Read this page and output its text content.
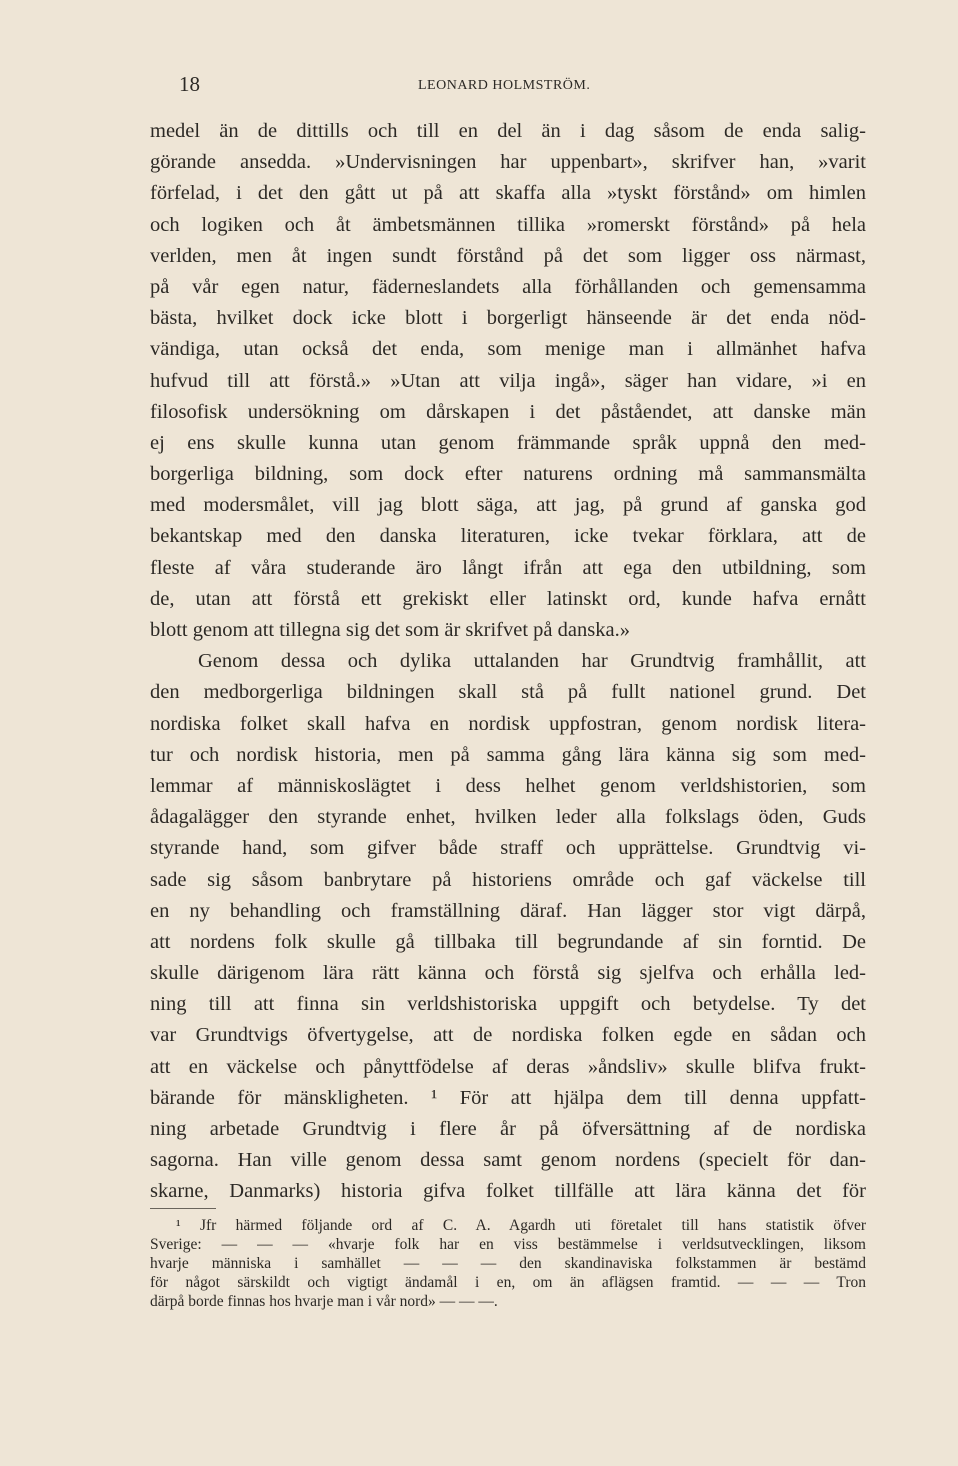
18	LEONARD HOLMSTRÖM.
medel än de dittills och till en del än i dag såsom de enda salig-
görande ansedda. »Undervisningen har uppenbart», skrifver han, »varit
förfelad, i det den gått ut på att skaffa alla »tyskt förstånd» om himlen
och logiken och åt ämbetsmännen tillika »romerskt förstånd» på hela
verlden, men åt ingen sundt förstånd på det som ligger oss närmast,
på vår egen natur, fäderneslandets alla förhållanden och gemensamma
bästa, hvilket dock icke blott i borgerligt hänseende är det enda nöd-
vändiga, utan också det enda, som menige man i allmänhet hafva
hufvud till att förstå.» »Utan att vilja ingå», säger han vidare, »i en
filosofisk undersökning om dårskapen i det påståendet, att danske män
ej ens skulle kunna utan genom främmande språk uppnå den med-
borgerliga bildning, som dock efter naturens ordning må sammansmälta
med modersmålet, vill jag blott säga, att jag, på grund af ganska god
bekantskap med den danska literaturen, icke tvekar förklara, att de
fleste af våra studerande äro långt ifrån att ega den utbildning, som
de, utan att förstå ett grekiskt eller latinskt ord, kunde hafva ernått
blott genom att tillegna sig det som är skrifvet på danska.»
Genom dessa och dylika uttalanden har Grundtvig framhållit, att
den medborgerliga bildningen skall stå på fullt nationel grund. Det
nordiska folket skall hafva en nordisk uppfostran, genom nordisk litera-
tur och nordisk historia, men på samma gång lära känna sig som med-
lemmar af människoslägtet i dess helhet genom verldshistorien, som
ådagalägger den styrande enhet, hvilken leder alla folkslags öden, Guds
styrande hand, som gifver både straff och upprättelse. Grundtvig vi-
sade sig såsom banbrytare på historiens område och gaf väckelse till
en ny behandling och framställning däraf. Han lägger stor vigt därpå,
att nordens folk skulle gå tillbaka till begrundande af sin forntid. De
skulle därigenom lära rätt känna och förstå sig sjelfva och erhålla led-
ning till att finna sin verldshistoriska uppgift och betydelse. Ty det
var Grundtvigs öfvertygelse, att de nordiska folken egde en sådan och
att en väckelse och pånyttfödelse af deras »åndsliv» skulle blifva frukt-
bärande för mänskligheten. ¹ För att hjälpa dem till denna uppfatt-
ning arbetade Grundtvig i flere år på öfversättning af de nordiska
sagorna. Han ville genom dessa samt genom nordens (specielt för dan-
skarne, Danmarks) historia gifva folket tillfälle att lära känna det för
¹ Jfr härmed följande ord af C. A. Agardh uti företalet till hans statistik öfver
Sverige: — — — «hvarje folk har en viss bestämmelse i verldsutvecklingen, liksom
hvarje människa i samhället — — — den skandinaviska folkstammen är bestämd
för något särskildt och vigtigt ändamål i en, om än aflägsen framtid. — — — Tron
därpå borde finnas hos hvarje man i vår nord» — — —.
